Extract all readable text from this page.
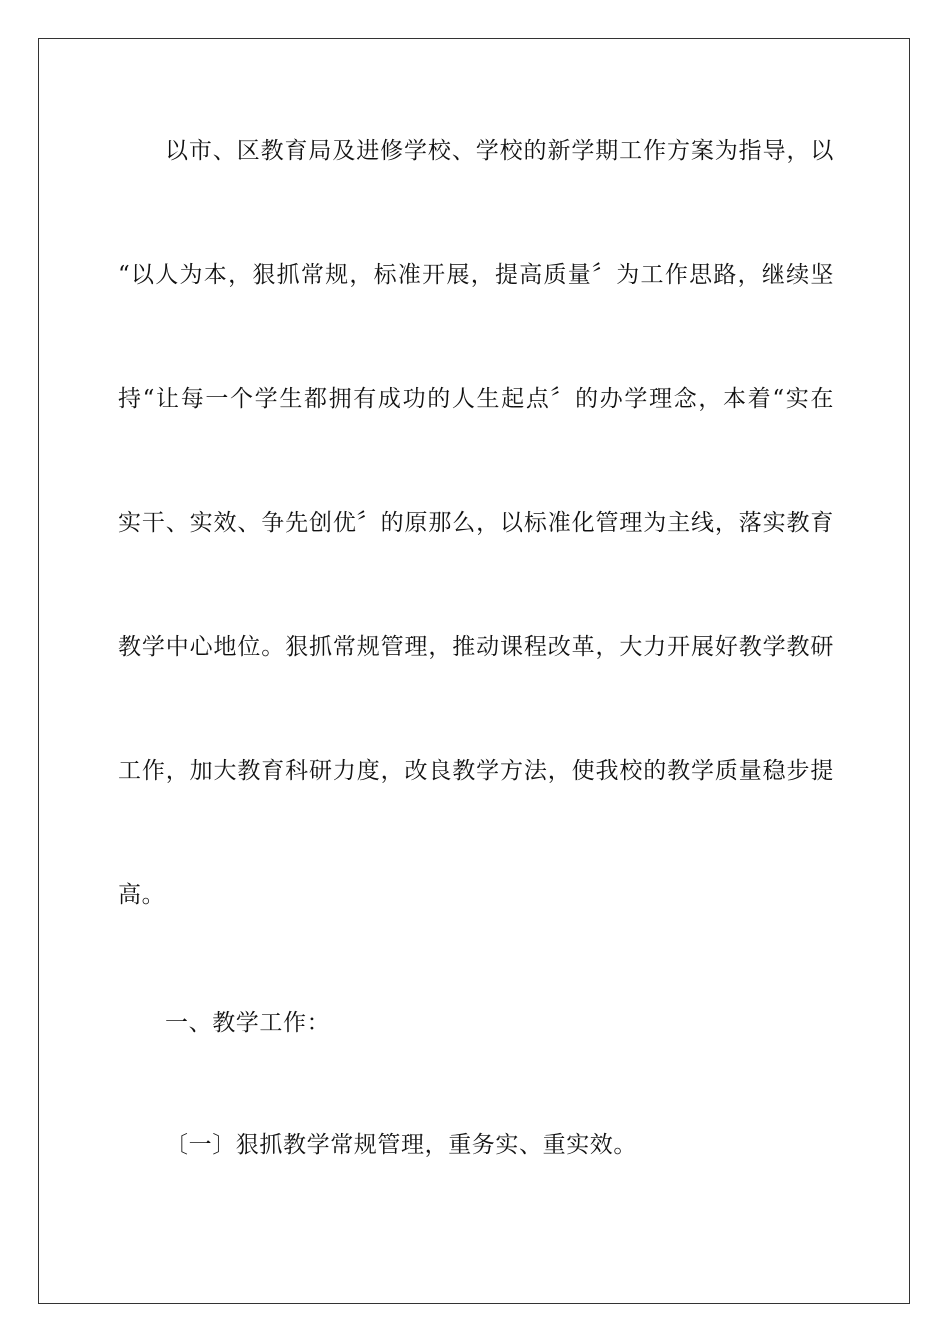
以市、区教育局及进修学校、学校的新学期工作方案为指导，以
“以人为本，狠抓常规，标准开展，提高质量〞为工作思路，继续坚
持“让每一个学生都拥有成功的人生起点〞的办学理念，本着“实在
实干、实效、争先创优〞的原那么，以标准化管理为主线，落实教育
教学中心地位。狠抓常规管理，推动课程改革，大力开展好教学教研
工作，加大教育科研力度，改良教学方法，使我校的教学质量稳步提
高。
一、教学工作：
〔一〕狠抓教学常规管理，重务实、重实效。
